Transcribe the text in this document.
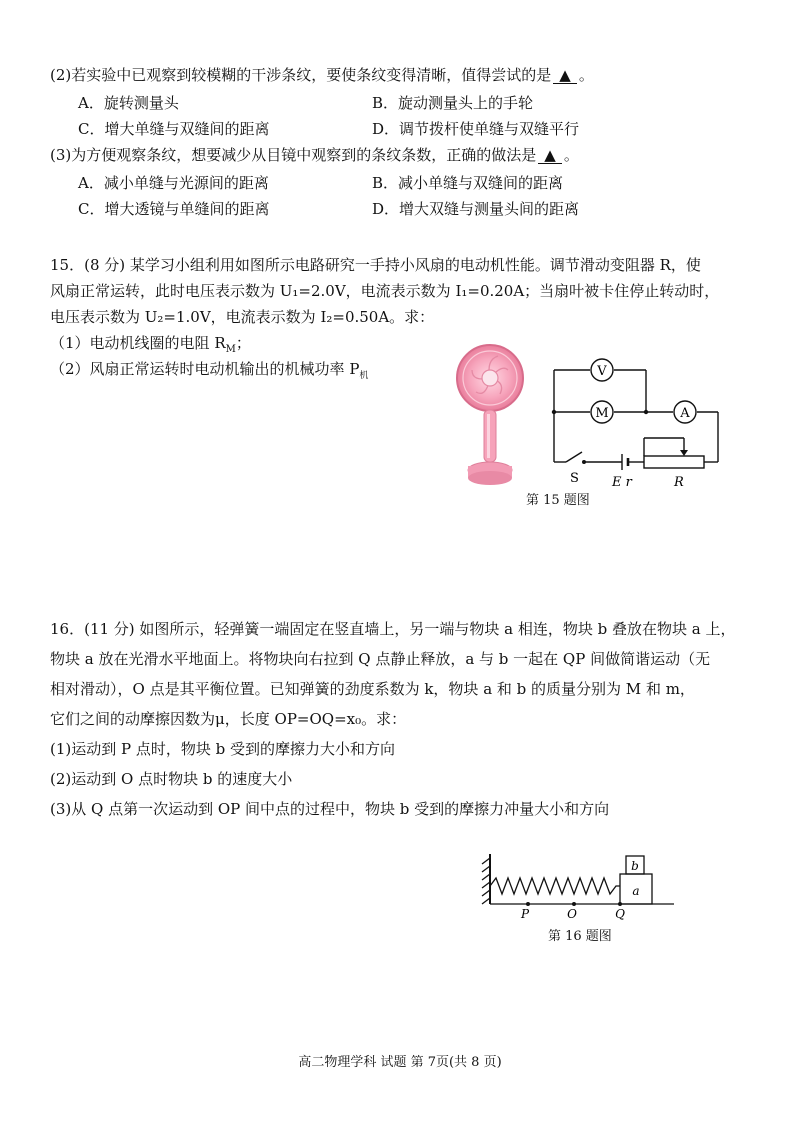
(2)若实验中已观察到较模糊的干涉条纹，要使条纹变得清晰，值得尝试的是 ▲ 。
A．旋转测量头	B．旋动测量头上的手轮
C．增大单缝与双缝间的距离	D．调节拨杆使单缝与双缝平行
(3)为方便观察条纹，想要减少从目镜中观察到的条纹条数，正确的做法是 ▲ 。
A．减小单缝与光源间的距离	B．减小单缝与双缝间的距离
C．增大透镜与单缝间的距离	D．增大双缝与测量头间的距离
15．(8 分) 某学习小组利用如图所示电路研究一手持小风扇的电动机性能。调节滑动变阻器 R，使
风扇正常运转，此时电压表示数为 U₁=2.0V，电流表示数为 I₁=0.20A；当扇叶被卡住停止转动时，
电压表示数为 U₂=1.0V，电流表示数为 I₂=0.50A。求：
（1）电动机线圈的电阻 $R_M$；
（2）风扇正常运转时电动机输出的机械功率 $P_机$	V
M	A
S	E r	R
第 15 题图
16．(11 分) 如图所示，轻弹簧一端固定在竖直墙上，另一端与物块 a 相连，物块 b 叠放在物块 a 上，
物块 a 放在光滑水平地面上。将物块向右拉到 Q 点静止释放，a 与 b 一起在 QP 间做简谐运动（无
相对滑动），O 点是其平衡位置。已知弹簧的劲度系数为 k，物块 a 和 b 的质量分别为 M 和 m，
它们之间的动摩擦因数为μ，长度 OP=OQ=x₀。求：
(1)运动到 P 点时，物块 b 受到的摩擦力大小和方向
(2)运动到 O 点时物块 b 的速度大小
(3)从 Q 点第一次运动到 OP 间中点的过程中，物块 b 受到的摩擦力冲量大小和方向
a
b
P	O	Q
第 16 题图
高二物理学科 试题 第 7页(共 8 页)
